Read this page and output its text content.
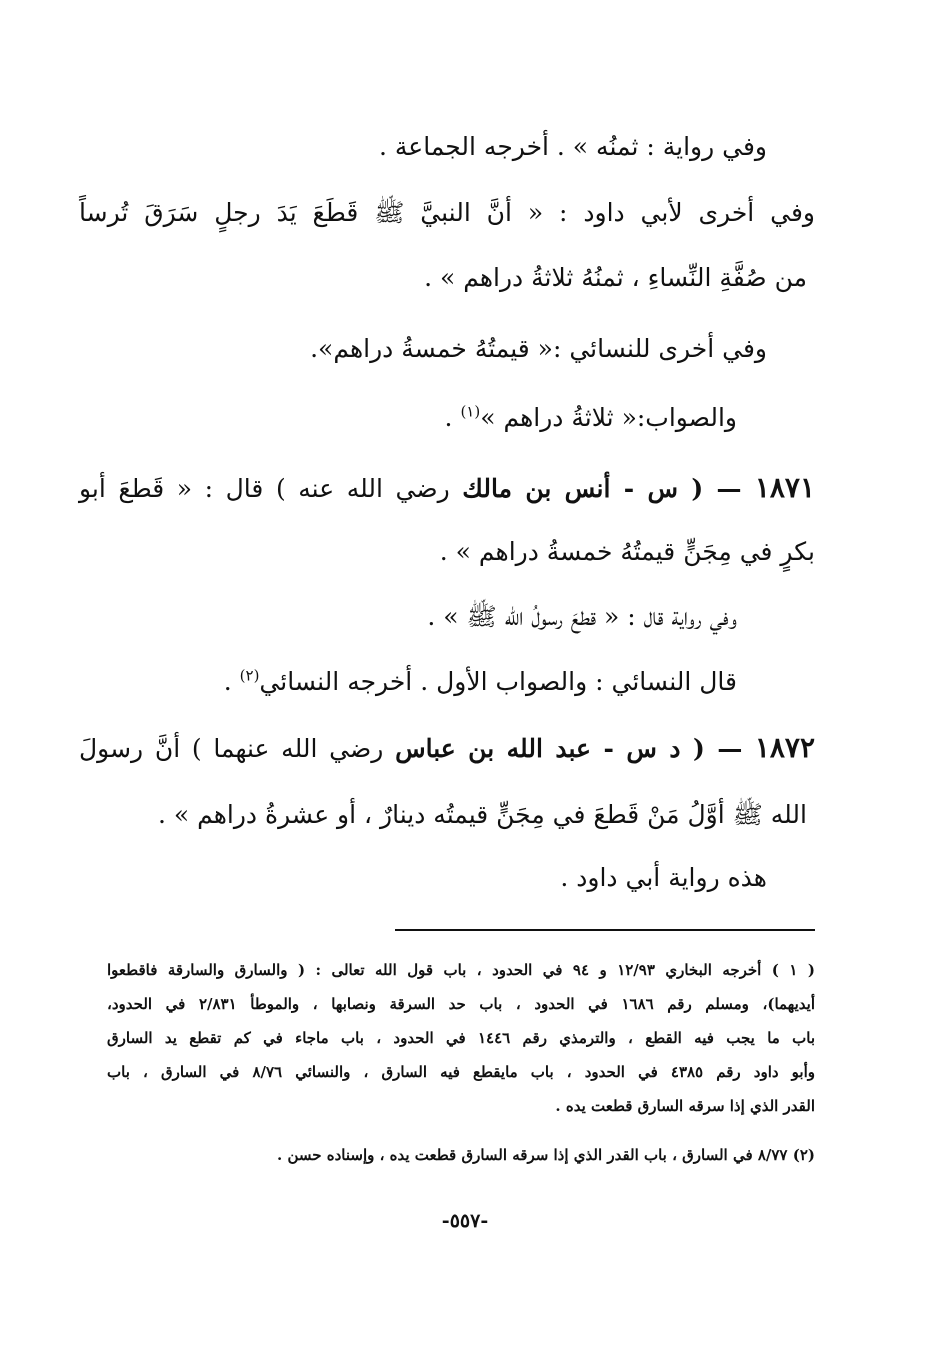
وفي رواية : ثمنُه » . أخرجه الجماعة .
وفي أخرى لأبي داود : « أنَّ النبيَّ ﷺ قَطَعَ يَدَ رجلٍ سَرَقَ تُرساً
من صُفَّةِ النِّساءِ ، ثمنُهُ ثلاثةُ دراهم » .
وفي أخرى للنسائي :« قيمتُهُ خمسةُ دراهم».
والصواب:« ثلاثةُ دراهم »$^{(١)}$ .
١٨٧١ — ( س - أنس بن مالك رضي الله عنه ) قال : « قَطعَ أبو
بكرٍ في مِجَنٍّ قيمتُهُ خمسةُ دراهم » .
وفي رواية قال : « قطعَ رسولُ الله ﷺ » .
قال النسائي : والصواب الأول . أخرجه النسائي$^{(٢)}$ .
١٨٧٢ — ( د س - عبد الله بن عباس رضي الله عنهما ) أنَّ رسولَ
الله ﷺ أوَّلُ مَنْ قَطعَ في مِجَنٍّ قيمتُه دينارٌ ، أو عشرةُ دراهم » .
هذه رواية أبي داود .
( ١ ) أخرجه البخاري ١٢/٩٣ و ٩٤ في الحدود ، باب قول الله تعالى : ( والسارق والسارقة فاقطعوا
أيديهما)، ومسلم رقم ١٦٨٦ في الحدود ، باب حد السرقة ونصابها ، والموطأ ٢/٨٣١ في الحدود،
باب ما يجب فيه القطع ، والترمذي رقم ١٤٤٦ في الحدود ، باب ماجاء في كم تقطع يد السارق
وأبو داود رقم ٤٣٨٥ في الحدود ، باب مايقطع فيه السارق ، والنسائي ٨/٧٦ في السارق ، باب
القدر الذي إذا سرقه السارق قطعت يده .
(٢) ٨/٧٧ في السارق ، باب القدر الذي إذا سرقه السارق قطعت يده ، وإسناده حسن .
-٥٥٧-
